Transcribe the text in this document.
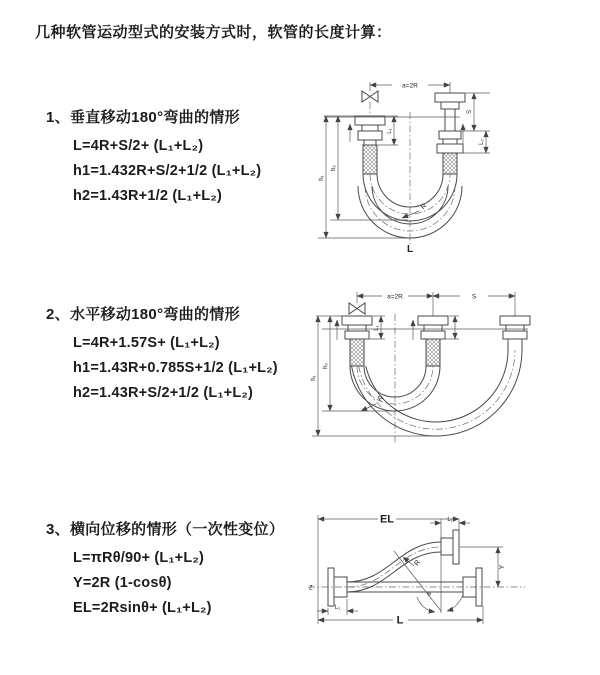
几种软管运动型式的安装方式时，软管的长度计算：
1、垂直移动180°弯曲的情形
L=4R+S/2+ (L₁+L₂)
h1=1.432R+S/2+1/2 (L₁+L₂)
h2=1.43R+1/2 (L₁+L₂)
2、水平移动180°弯曲的情形
L=4R+1.57S+ (L₁+L₂)
h1=1.43R+0.785S+1/2 (L₁+L₂)
h2=1.43R+S/2+1/2 (L₁+L₂)
3、横向位移的情形（一次性变位）
L=πRθ/90+ (L₁+L₂)
Y=2R (1-cosθ)
EL=2Rsinθ+ (L₁+L₂)
a=2R
L₁
S
L₂
h₂
h₁
R
L
a=2R	S
L₁
h₂
h₁
R
Z
EL
L₁
L₁
Y
R
θ
L
